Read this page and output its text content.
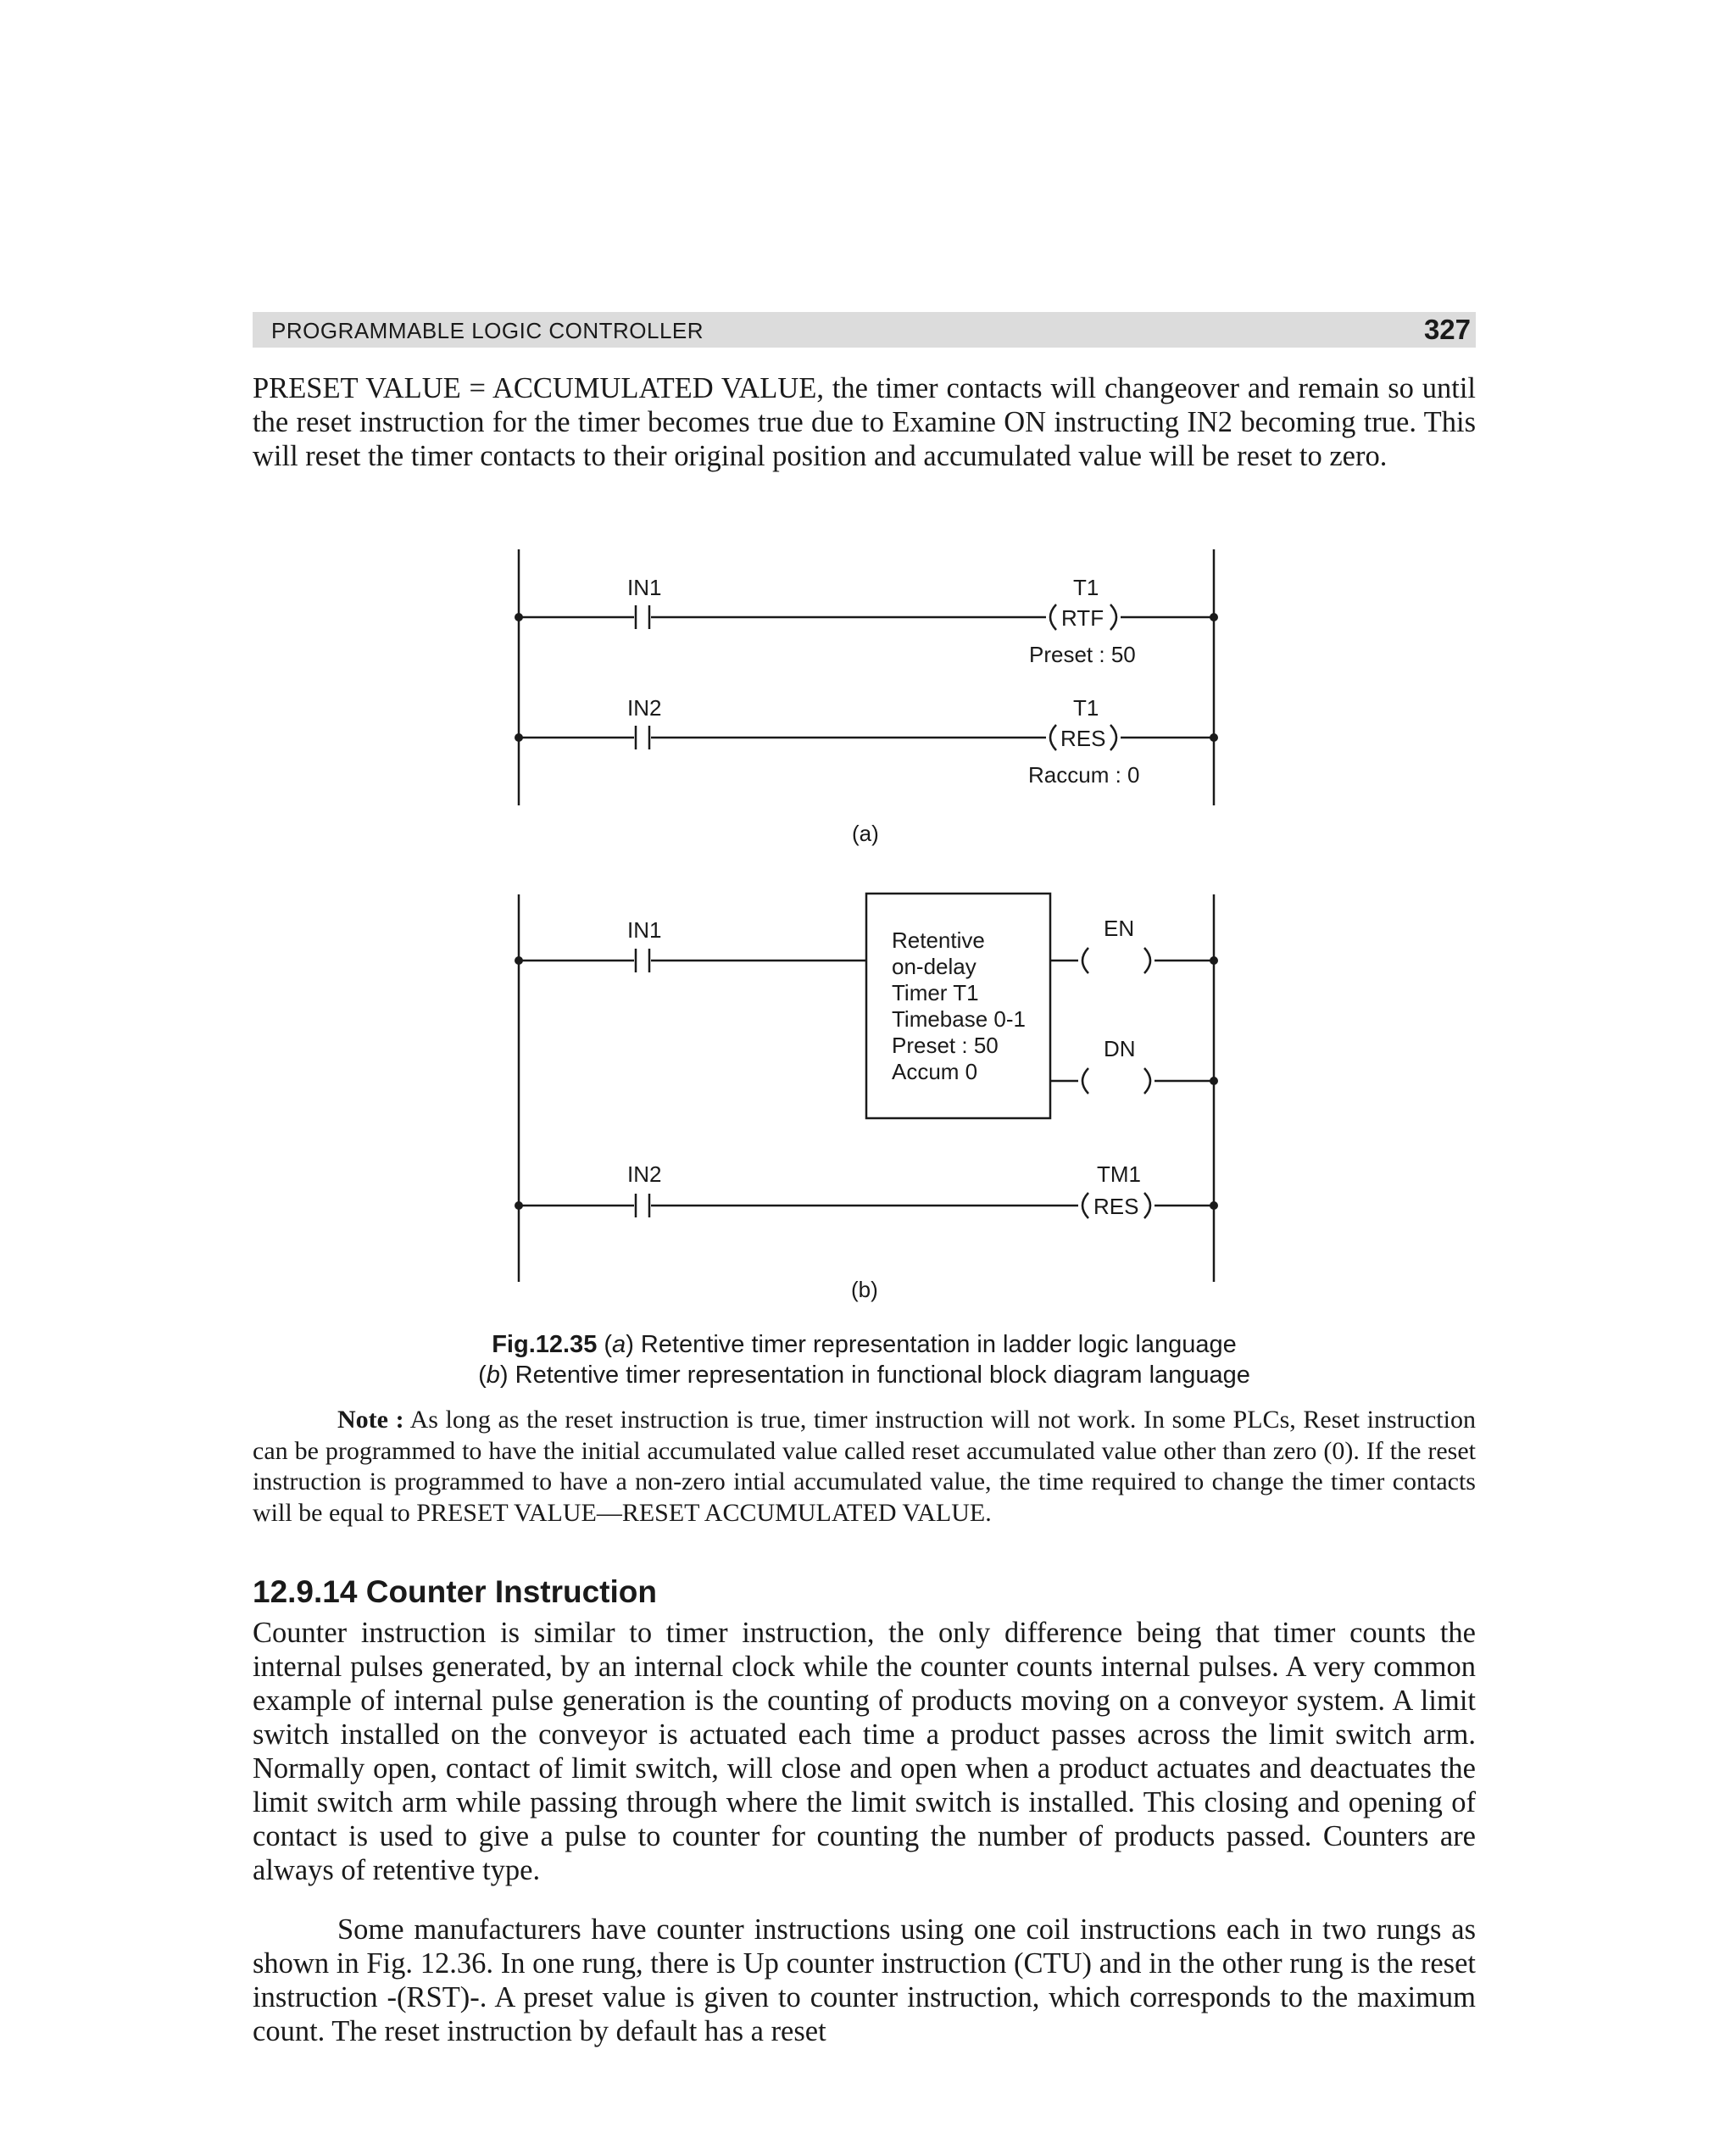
PROGRAMMABLE LOGIC CONTROLLER	327

PRESET VALUE = ACCUMULATED VALUE, the timer contacts will changeover and remain so until the reset instruction for the timer becomes true due to Examine ON instructing IN2 becoming true. This will reset the timer contacts to their original position and accumulated value will be reset to zero.

IN1	T1
RTF
Preset : 50
IN2	T1
RES
Raccum : 0
(a)
IN1	Retentive
on-delay
Timer T1
Timebase 0-1
Preset : 50
Accum 0
EN
DN
IN2	TM1
RES
(b)
Fig.12.35 (a) Retentive timer representation in ladder logic language
(b) Retentive timer representation in functional block diagram language

Note : As long as the reset instruction is true, timer instruction will not work. In some PLCs, Reset instruction can be programmed to have the initial accumulated value called reset accumulated value other than zero (0). If the reset instruction is programmed to have a non-zero intial accumulated value, the time required to change the timer contacts will be equal to PRESET VALUE—RESET ACCUMULATED VALUE.

12.9.14 Counter Instruction

Counter instruction is similar to timer instruction, the only difference being that timer counts the internal pulses generated, by an internal clock while the counter counts internal pulses. A very common example of internal pulse generation is the counting of products moving on a conveyor system. A limit switch installed on the conveyor is actuated each time a product passes across the limit switch arm. Normally open, contact of limit switch, will close and open when a product actuates and deactuates the limit switch arm while passing through where the limit switch is installed. This closing and opening of contact is used to give a pulse to counter for counting the number of products passed. Counters are always of retentive type.

Some manufacturers have counter instructions using one coil instructions each in two rungs as shown in Fig. 12.36. In one rung, there is Up counter instruction (CTU) and in the other rung is the reset instruction -(RST)-. A preset value is given to counter instruction, which corresponds to the maximum count. The reset instruction by default has a reset
